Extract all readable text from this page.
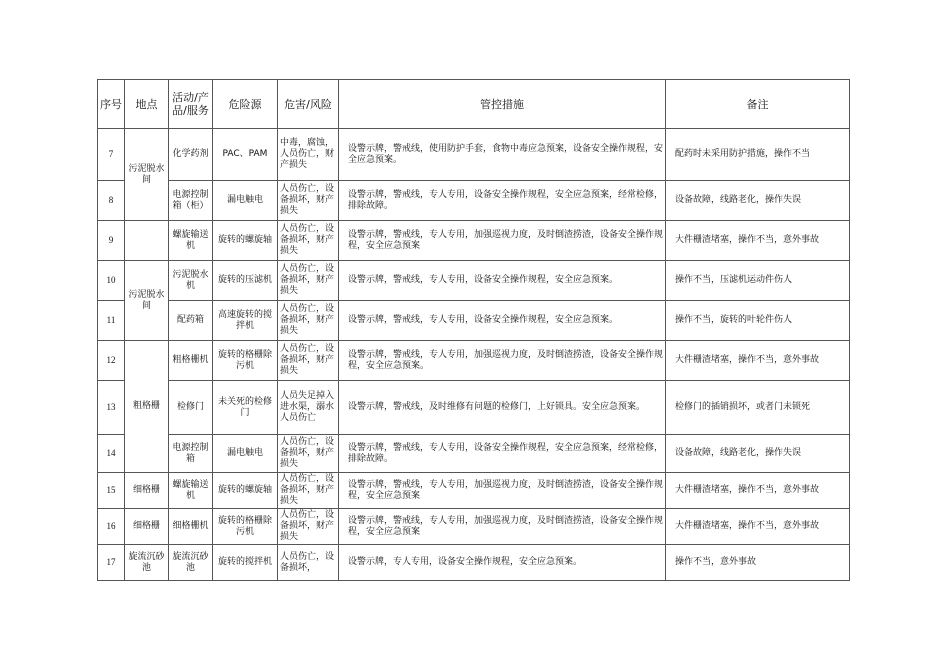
序号	地点	活动/产品/服务	危险源	危害/风险	管控措施	备注
7	污泥脱水间	化学药剂	PAC、PAM	中毒，腐蚀，人员伤亡，财产损失	设警示牌，警戒线，使用防护手套，食物中毒应急预案，设备安全操作规程，安全应急预案。	配药时未采用防护措施，操作不当
8		电源控制箱（柜）	漏电触电	人员伤亡，设备损坏，财产损失	设警示牌，警戒线，专人专用，设备安全操作规程，安全应急预案，经常检修，排除故障。	设备故障，线路老化，操作失误
9		螺旋输送机	旋转的螺旋轴	人员伤亡，设备损坏，财产损失	设警示牌，警戒线，专人专用，加强巡视力度，及时倒渣捞渣，设备安全操作规程，安全应急预案	大件栅渣堵塞，操作不当，意外事故
10	污泥脱水间	污泥脱水机	旋转的压滤机	人员伤亡，设备损坏，财产损失	设警示牌，警戒线，专人专用，设备安全操作规程，安全应急预案。	操作不当，压滤机运动件伤人
11		配药箱	高速旋转的搅拌机	人员伤亡，设备损坏，财产损失	设警示牌，警戒线，专人专用，设备安全操作规程，安全应急预案。	操作不当，旋转的叶轮件伤人
12	粗格栅	粗格栅机	旋转的格栅除污机	人员伤亡，设备损坏，财产损失	设警示牌，警戒线，专人专用，加强巡视力度，及时倒渣捞渣，设备安全操作规程，安全应急预案。	大件栅渣堵塞，操作不当，意外事故
13		检修门	未关死的检修门	人员失足掉入进水渠，溺水人员伤亡	设警示牌，警戒线，及时维修有问题的检修门，上好锁具。安全应急预案。	检修门的插销损坏，或者门未锁死
14		电源控制箱	漏电触电	人员伤亡，设备损坏，财产损失	设警示牌，警戒线，专人专用，设备安全操作规程，安全应急预案，经常检修，排除故障。	设备故障，线路老化，操作失误
15	细格栅	螺旋输送机	旋转的螺旋轴	人员伤亡，设备损坏，财产损失	设警示牌，警戒线，专人专用，加强巡视力度，及时倒渣捞渣，设备安全操作规程，安全应急预案	大件栅渣堵塞，操作不当，意外事故
16	细格栅	细格栅机	旋转的格栅除污机	人员伤亡，设备损坏，财产损失	设警示牌，警戒线，专人专用，加强巡视力度，及时倒渣捞渣，设备安全操作规程，安全应急预案	大件栅渣堵塞，操作不当，意外事故
17	旋流沉砂池	旋流沉砂池	旋转的搅拌机	人员伤亡，设备损坏，	设警示牌，专人专用，设备安全操作规程，安全应急预案。	操作不当，意外事故
